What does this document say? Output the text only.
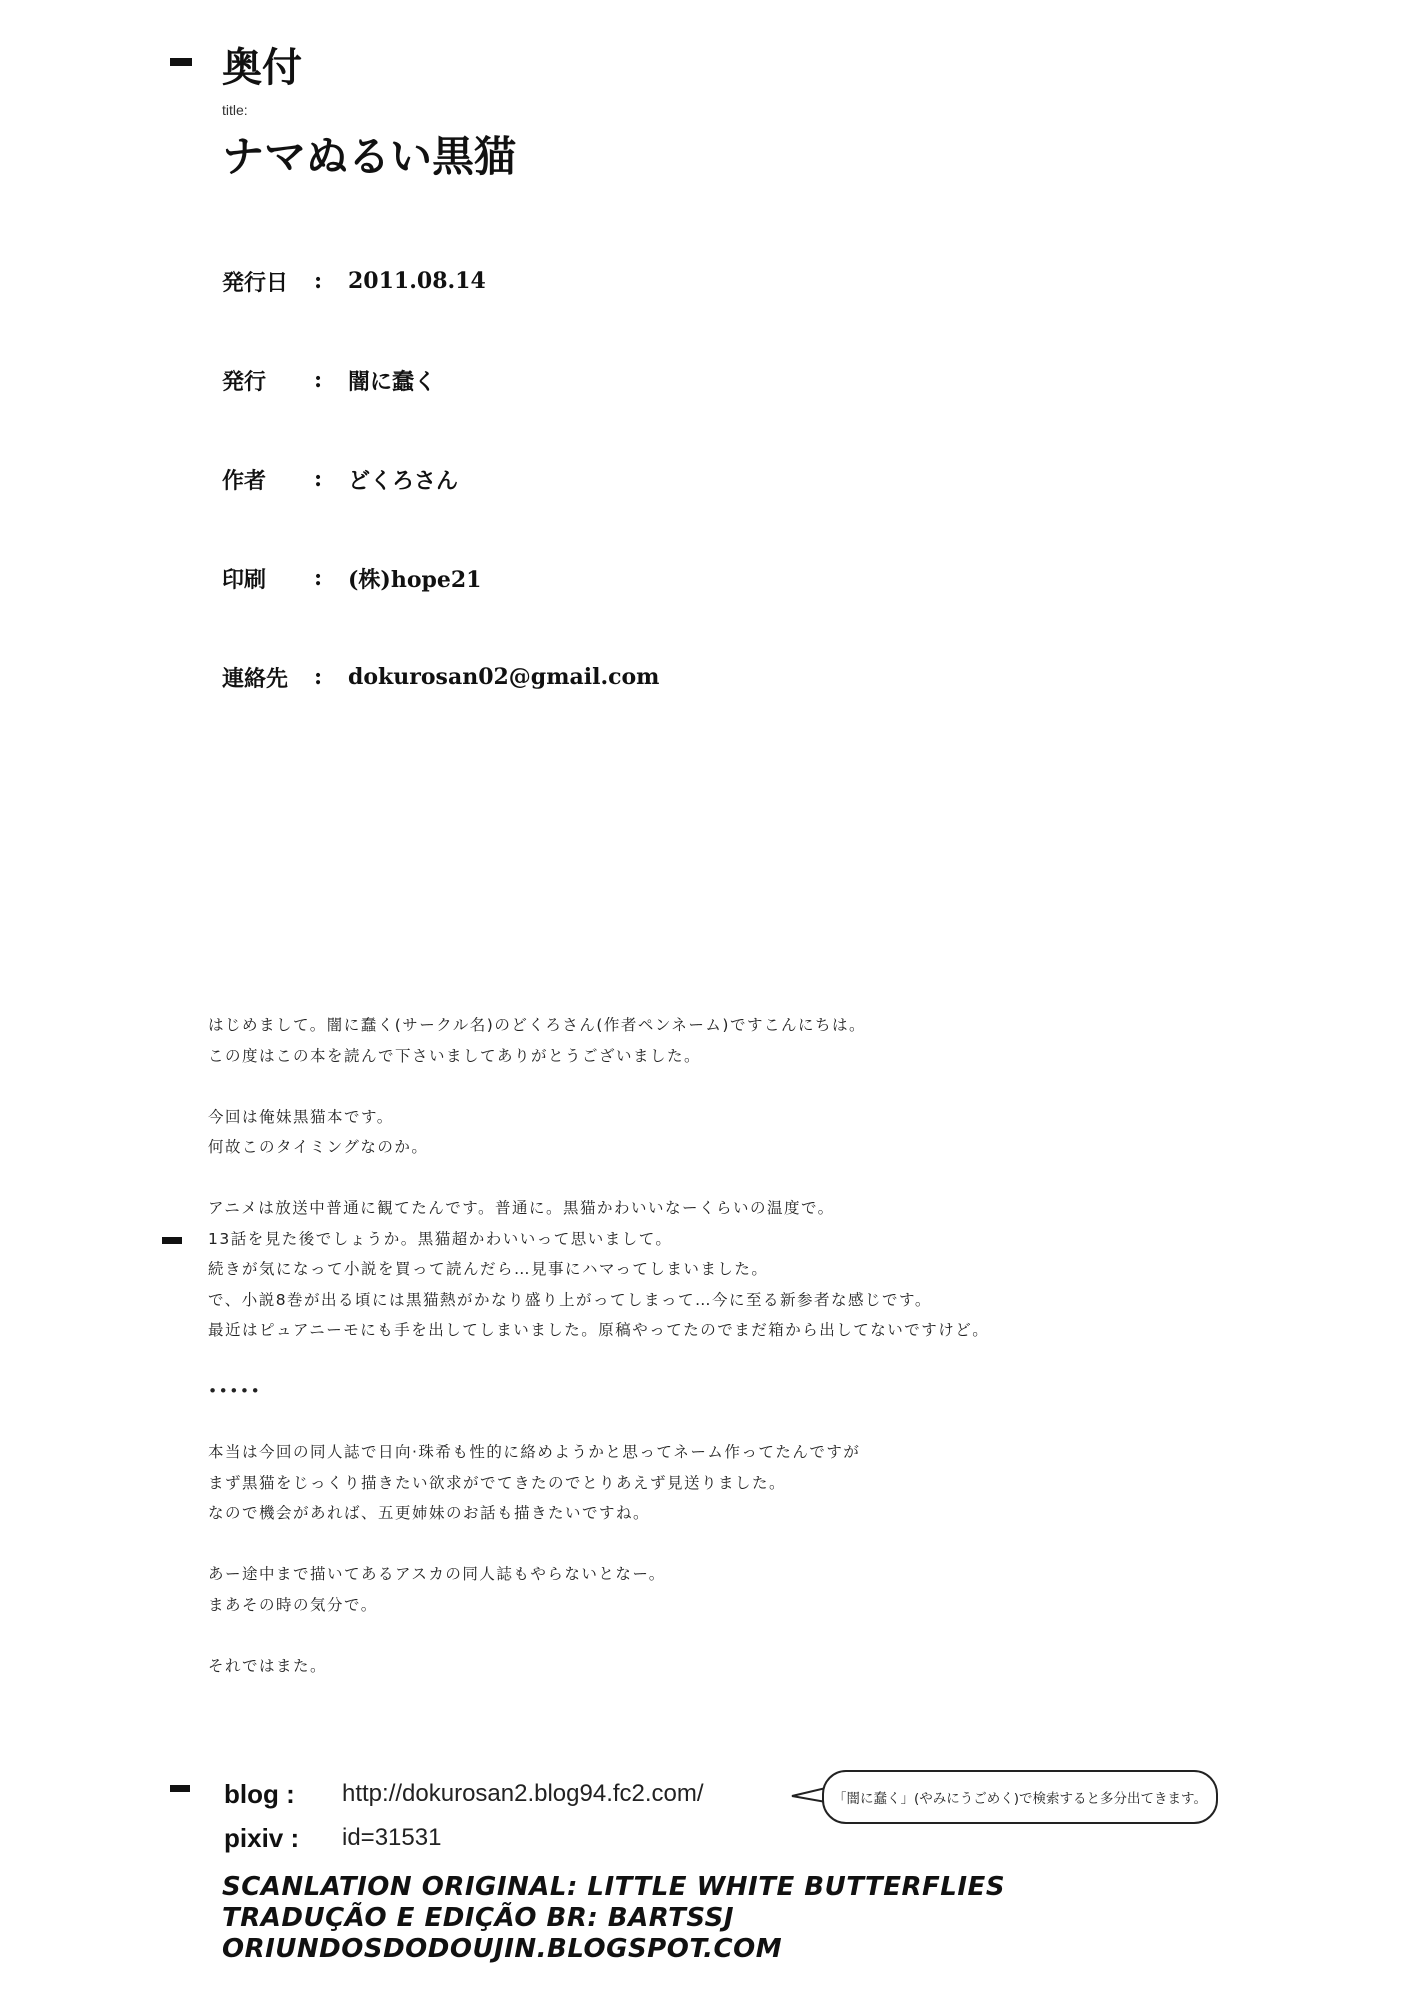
奥付
title:
ナマぬるい黒猫
発行日	:	2011.08.14
発行	:	闇に蠢く
作者	:	どくろさん
印刷	:	(株)hope21
連絡先	:	dokurosan02@gmail.com

はじめまして。闇に蠢く(サークル名)のどくろさん(作者ペンネーム)ですこんにちは。

この度はこの本を読んで下さいましてありがとうございました。

今回は俺妹黒猫本です。

何故このタイミングなのか。

アニメは放送中普通に観てたんです。普通に。黒猫かわいいなーくらいの温度で。

13話を見た後でしょうか。黒猫超かわいいって思いまして。

続きが気になって小説を買って読んだら…見事にハマってしまいました。

で、小説8巻が出る頃には黒猫熱がかなり盛り上がってしまって…今に至る新参者な感じです。

最近はピュアニーモにも手を出してしまいました。原稿やってたのでまだ箱から出してないですけど。

•••••

本当は今回の同人誌で日向·珠希も性的に絡めようかと思ってネーム作ってたんですが

まず黒猫をじっくり描きたい欲求がでてきたのでとりあえず見送りました。

なので機会があれば、五更姉妹のお話も描きたいですね。

あー途中まで描いてあるアスカの同人誌もやらないとなー。

まあその時の気分で。

それではまた。

blog :	http://dokurosan2.blog94.fc2.com/
pixiv :	id=31531
「闇に蠢く」(やみにうごめく)で検索すると多分出てきます。
SCANLATION ORIGINAL: LITTLE WHITE BUTTERFLIES
TRADUÇÃO E EDIÇÃO BR: BARTSSJ
ORIUNDOSDODOUJIN.BLOGSPOT.COM
